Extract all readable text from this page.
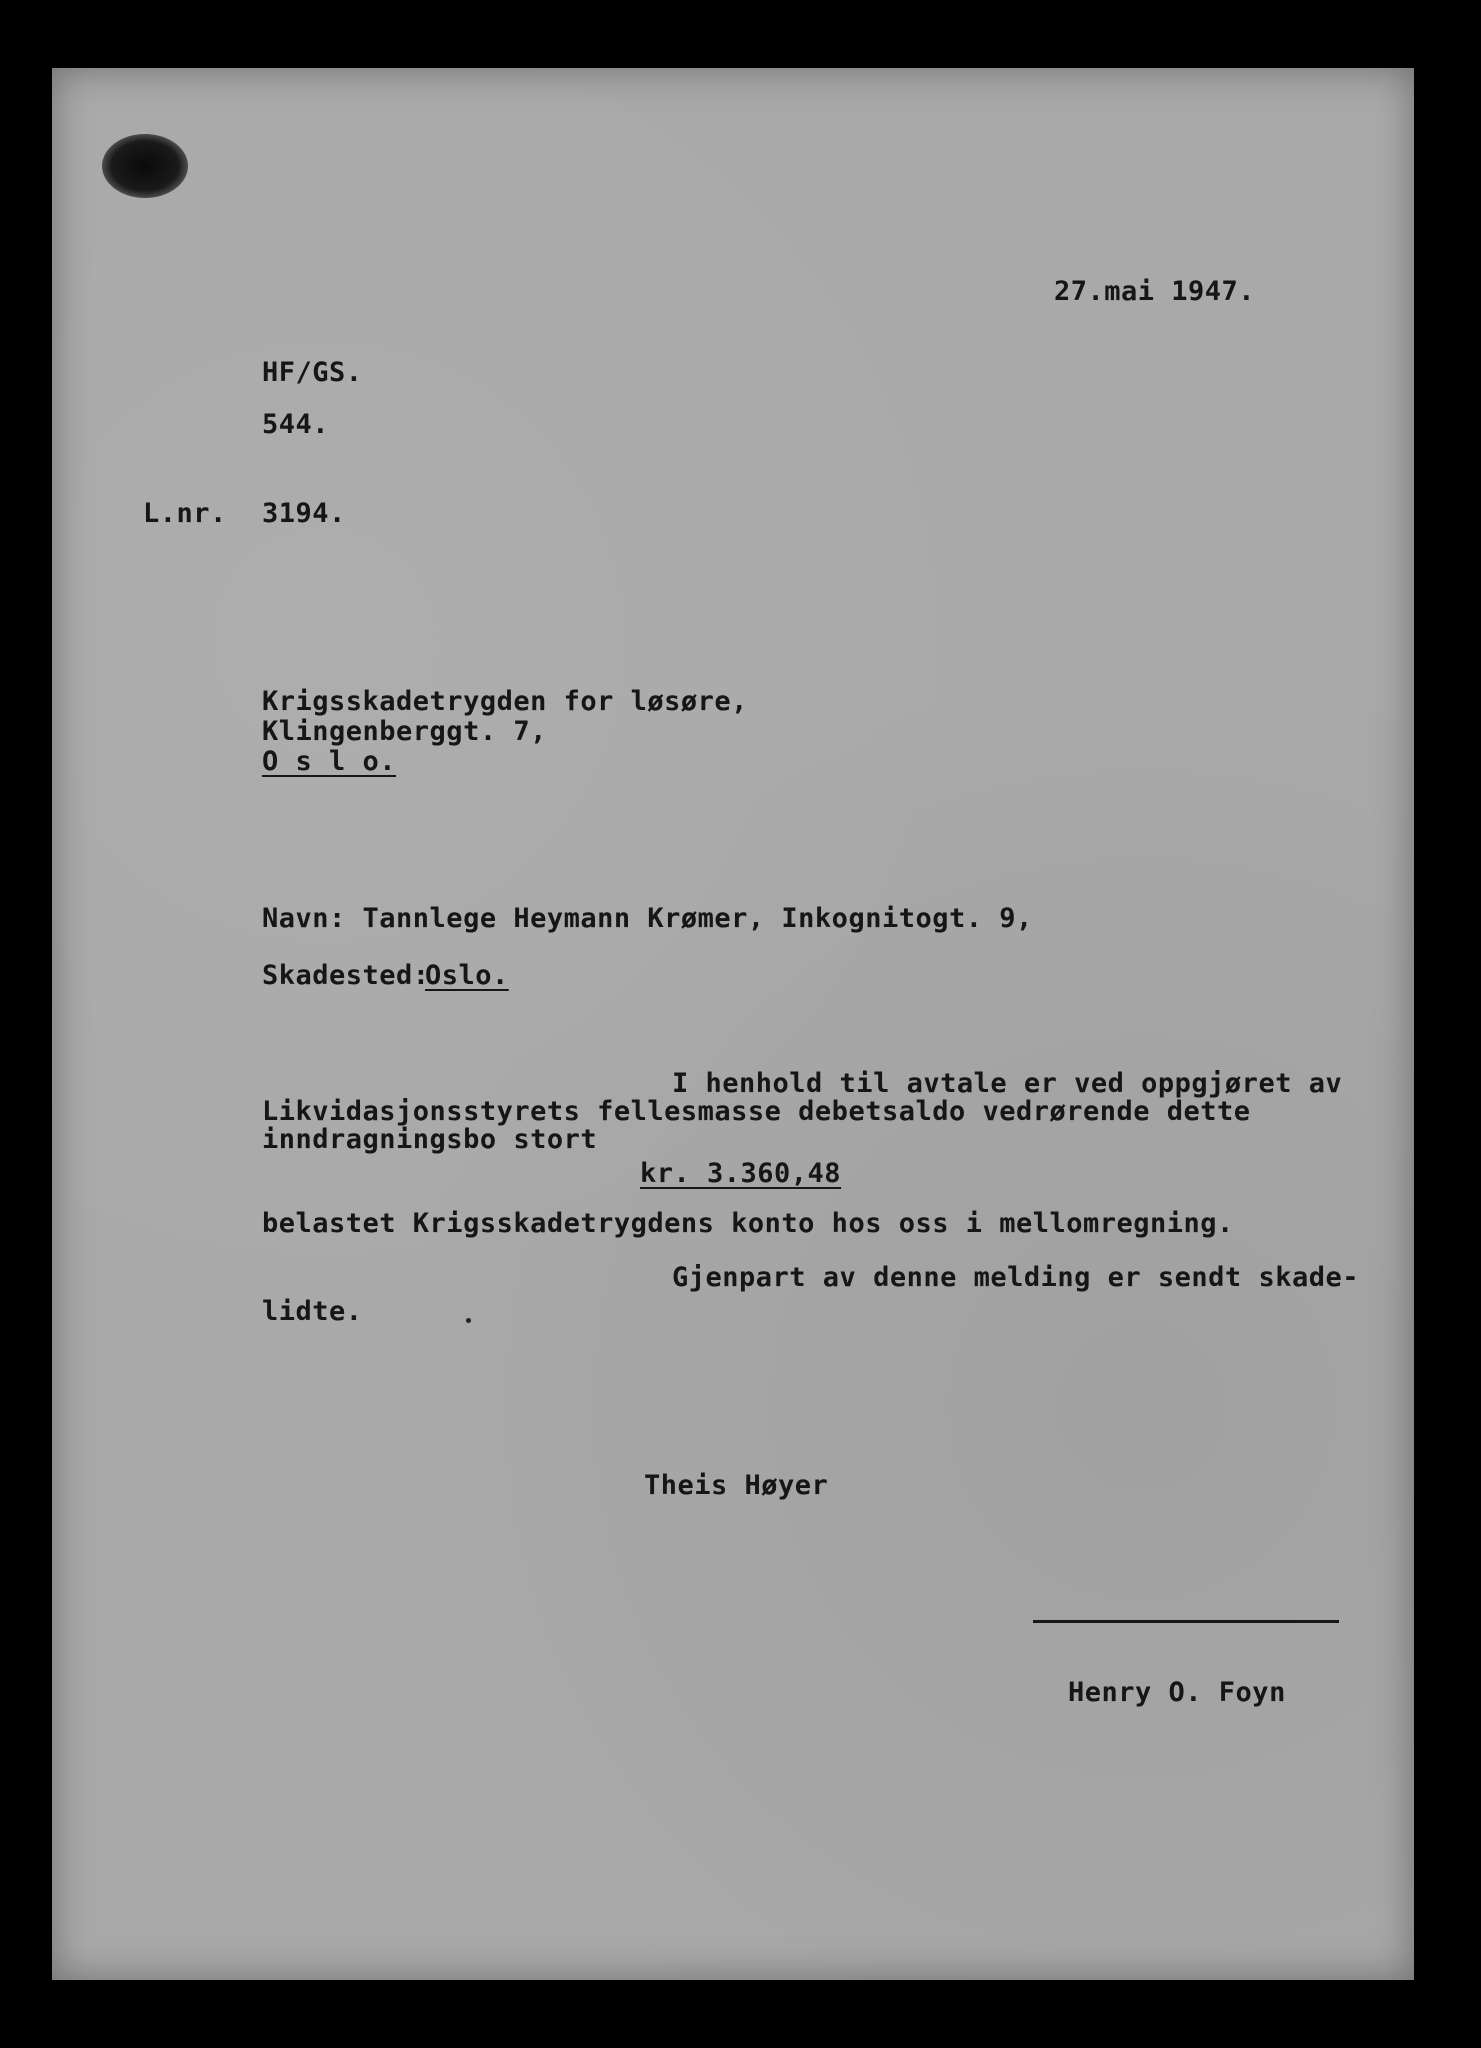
27.mai 1947.
HF/GS.
544.
L.nr. 3194.
Krigsskadetrygden for løsøre,
Klingenberggt. 7,
O s l o.
Navn: Tannlege Heymann Krømer, Inkognitogt. 9,
Skadested:
Oslo.
I henhold til avtale er ved oppgjøret av
Likvidasjonsstyrets fellesmasse debetsaldo vedrørende dette
inndragningsbo stort
kr. 3.360,48
belastet Krigsskadetrygdens konto hos oss i mellomregning.
Gjenpart av denne melding er sendt skade-
lidte.
Theis Høyer
Henry O. Foyn
